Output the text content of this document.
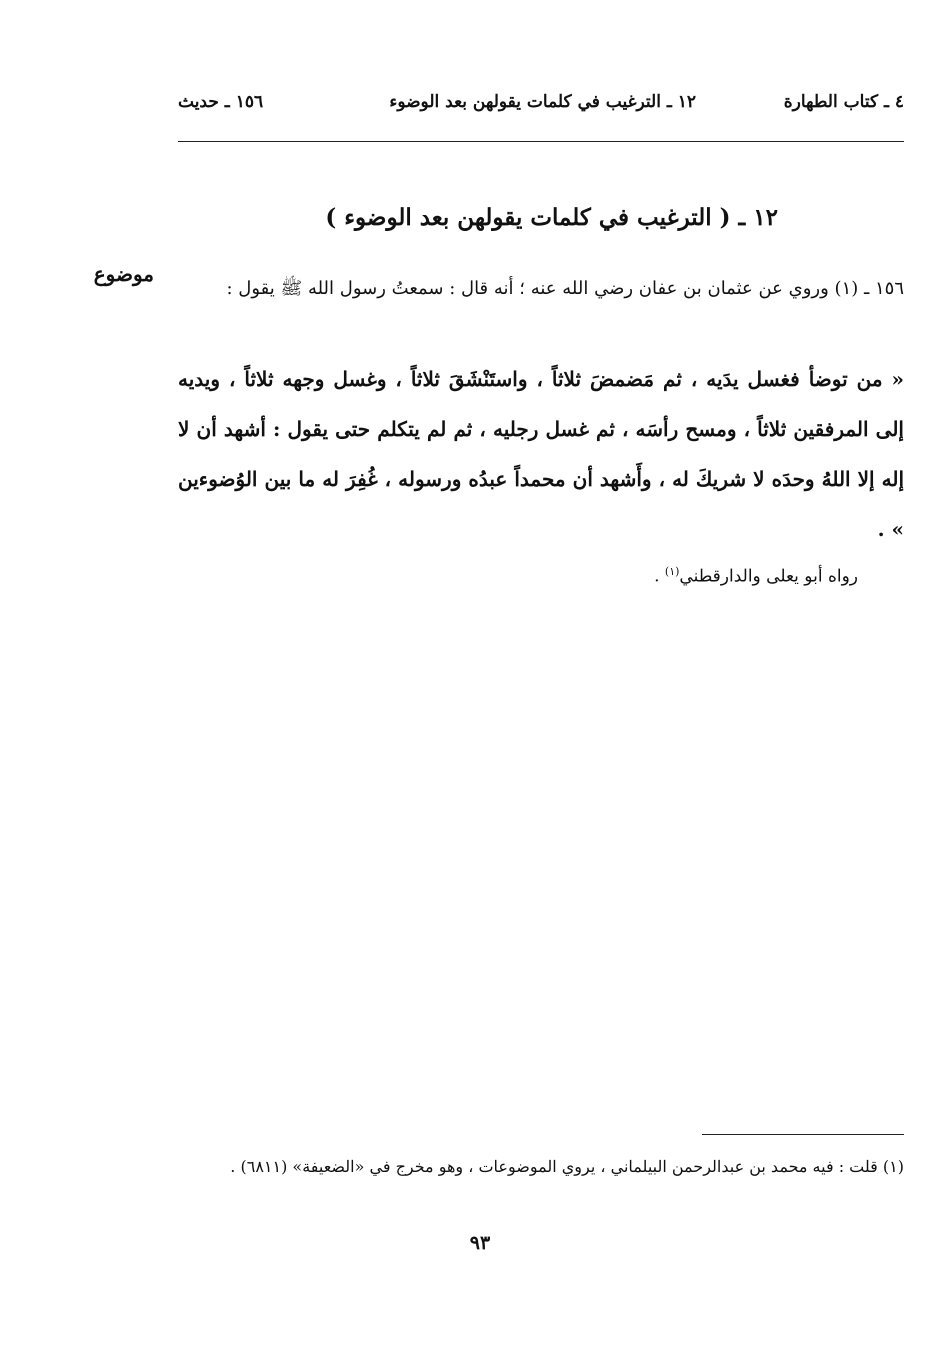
٤ ـ كتاب الطهارة
١٢ ـ الترغيب في كلمات يقولهن بعد الوضوء
١٥٦ ـ حديث
١٢ ـ ( الترغيب في كلمات يقولهن بعد الوضوء )
موضوع
١٥٦ ـ (١) وروي عن عثمان بن عفان رضي الله عنه ؛ أنه قال : سمعتُ رسول الله ﷺ يقول :
« من توضأ فغسل يدَيه ، ثم مَضمضَ ثلاثاً ، واستَنْشَقَ ثلاثاً ، وغسل وجهه ثلاثاً ، ويديه إلى المرفقين ثلاثاً ، ومسح رأسَه ، ثم غسل رجليه ، ثم لم يتكلم حتى يقول : أشهد أن لا إله إلا اللهُ وحدَه لا شريكَ له ، وأَشهد أن محمداً عبدُه ورسوله ، غُفِرَ له ما بين الوُضوءين » .
رواه أبو يعلى والدارقطني$^{(١)}$ .
(١) قلت : فيه محمد بن عبدالرحمن البيلماني ، يروي الموضوعات ، وهو مخرج في «الضعيفة» (٦٨١١) .
٩٣
